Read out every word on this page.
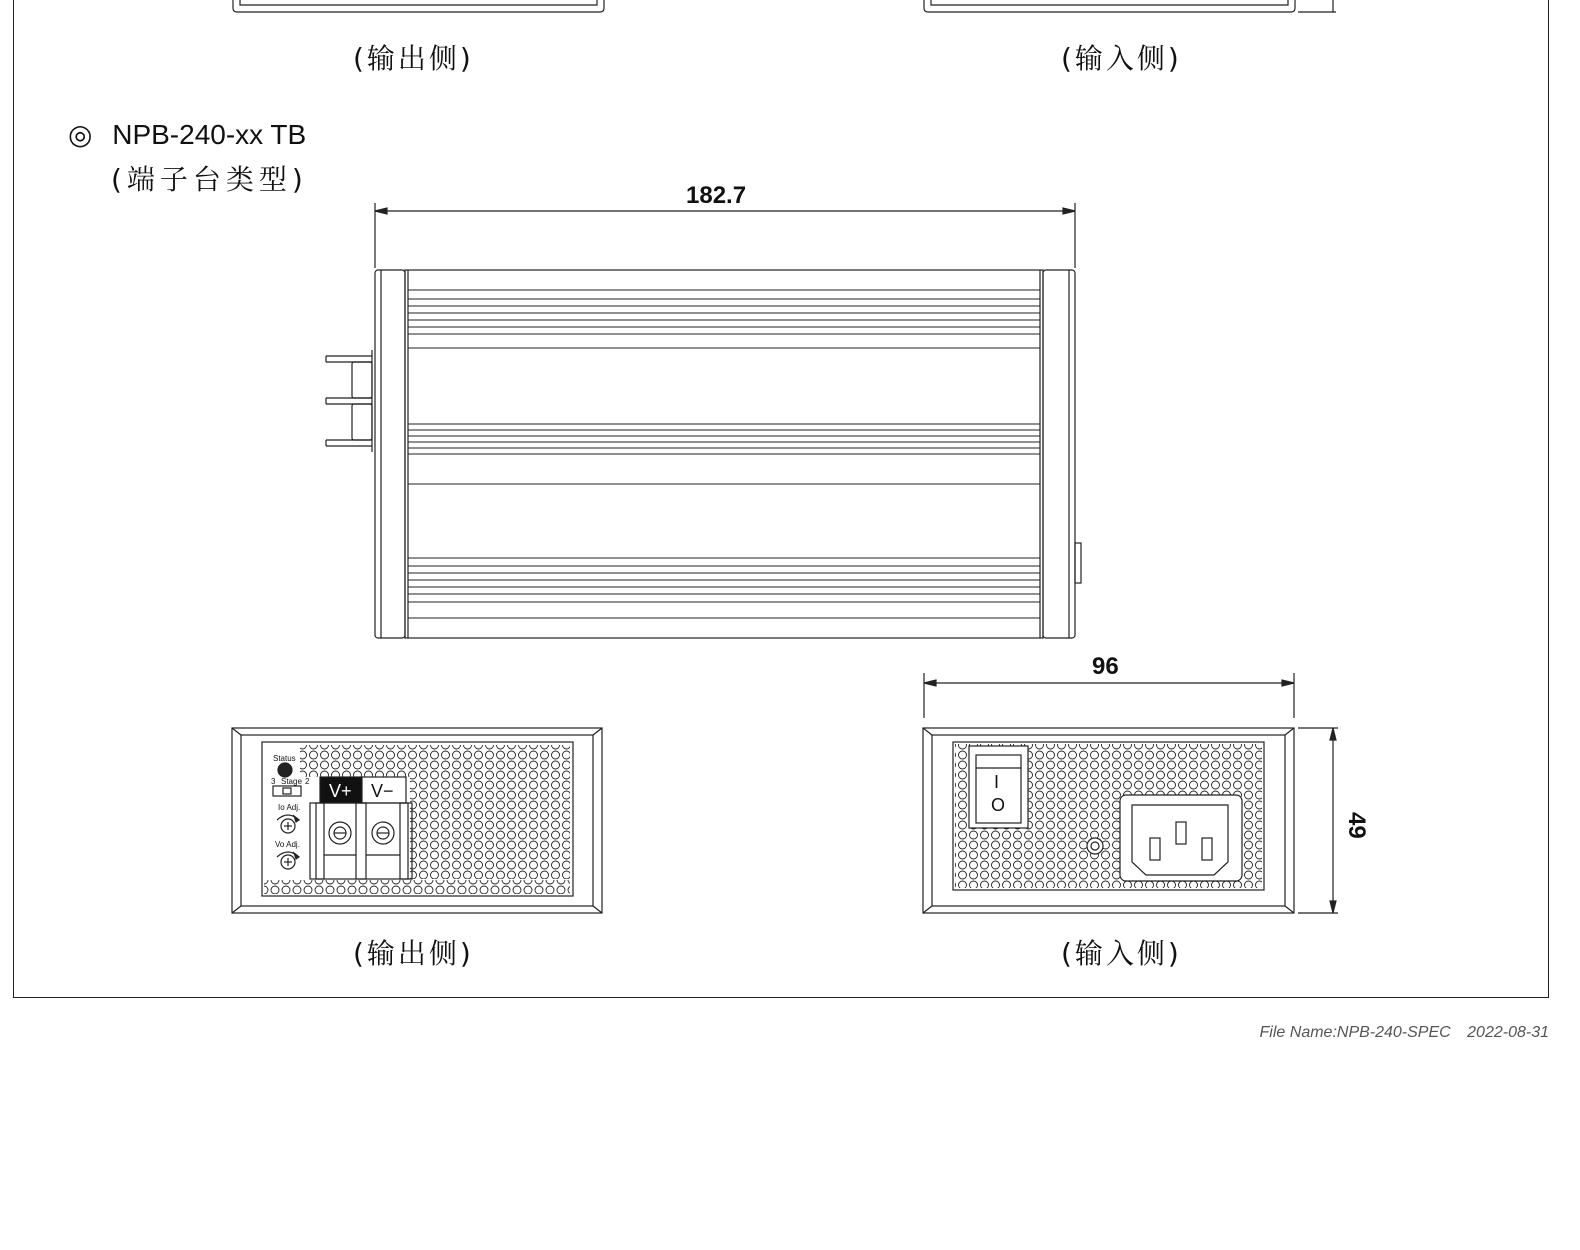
Status
3 Stage 2
Io Adj.
Vo Adj.
V+ V−	I
O
49
(输出侧)	(输入侧)
◎ NPB-240-xx TB
(端子台类型)	182.7
96
(输出侧)	(输入侧)
File Name:NPB-240-SPEC 2022-08-31
